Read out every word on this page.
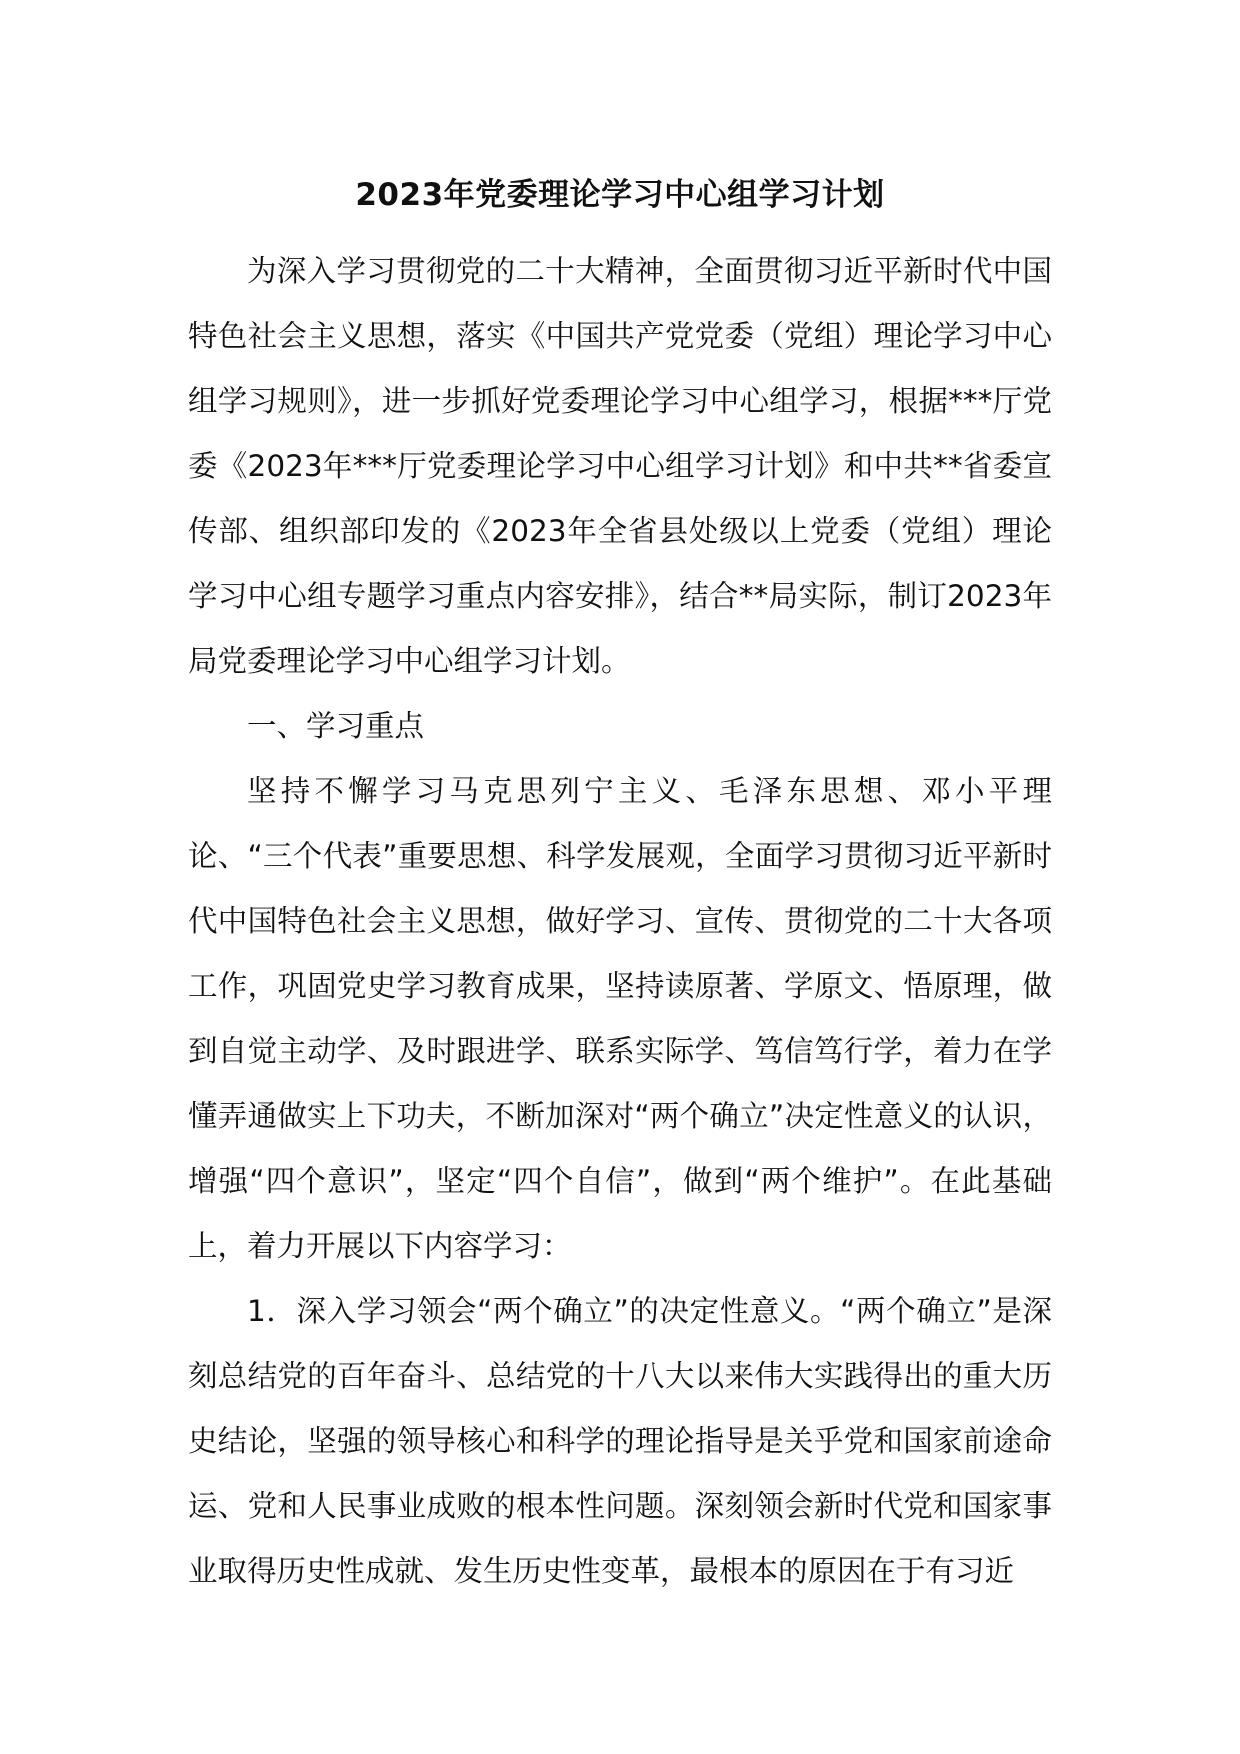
2023年党委理论学习中心组学习计划

为深入学习贯彻党的二十大精神，全面贯彻习近平新时代中国特色社会主义思想，落实《中国共产党党委（党组）理论学习中心组学习规则》，进一步抓好党委理论学习中心组学习，根据***厅党委《2023年***厅党委理论学习中心组学习计划》和中共**省委宣传部、组织部印发的《2023年全省县处级以上党委（党组）理论学习中心组专题学习重点内容安排》，结合**局实际，制订2023年局党委理论学习中心组学习计划。

一、学习重点

坚持不懈学习马克思列宁主义、毛泽东思想、邓小平理论、“三个代表”重要思想、科学发展观，全面学习贯彻习近平新时代中国特色社会主义思想，做好学习、宣传、贯彻党的二十大各项工作，巩固党史学习教育成果，坚持读原著、学原文、悟原理，做到自觉主动学、及时跟进学、联系实际学、笃信笃行学，着力在学懂弄通做实上下功夫，不断加深对“两个确立”决定性意义的认识，增强“四个意识”，坚定“四个自信”，做到“两个维护”。在此基础上，着力开展以下内容学习：

1．深入学习领会“两个确立”的决定性意义。“两个确立”是深刻总结党的百年奋斗、总结党的十八大以来伟大实践得出的重大历史结论，坚强的领导核心和科学的理论指导是关乎党和国家前途命运、党和人民事业成败的根本性问题。深刻领会新时代党和国家事业取得历史性成就、发生历史性变革，最根本的原因在于有习近
